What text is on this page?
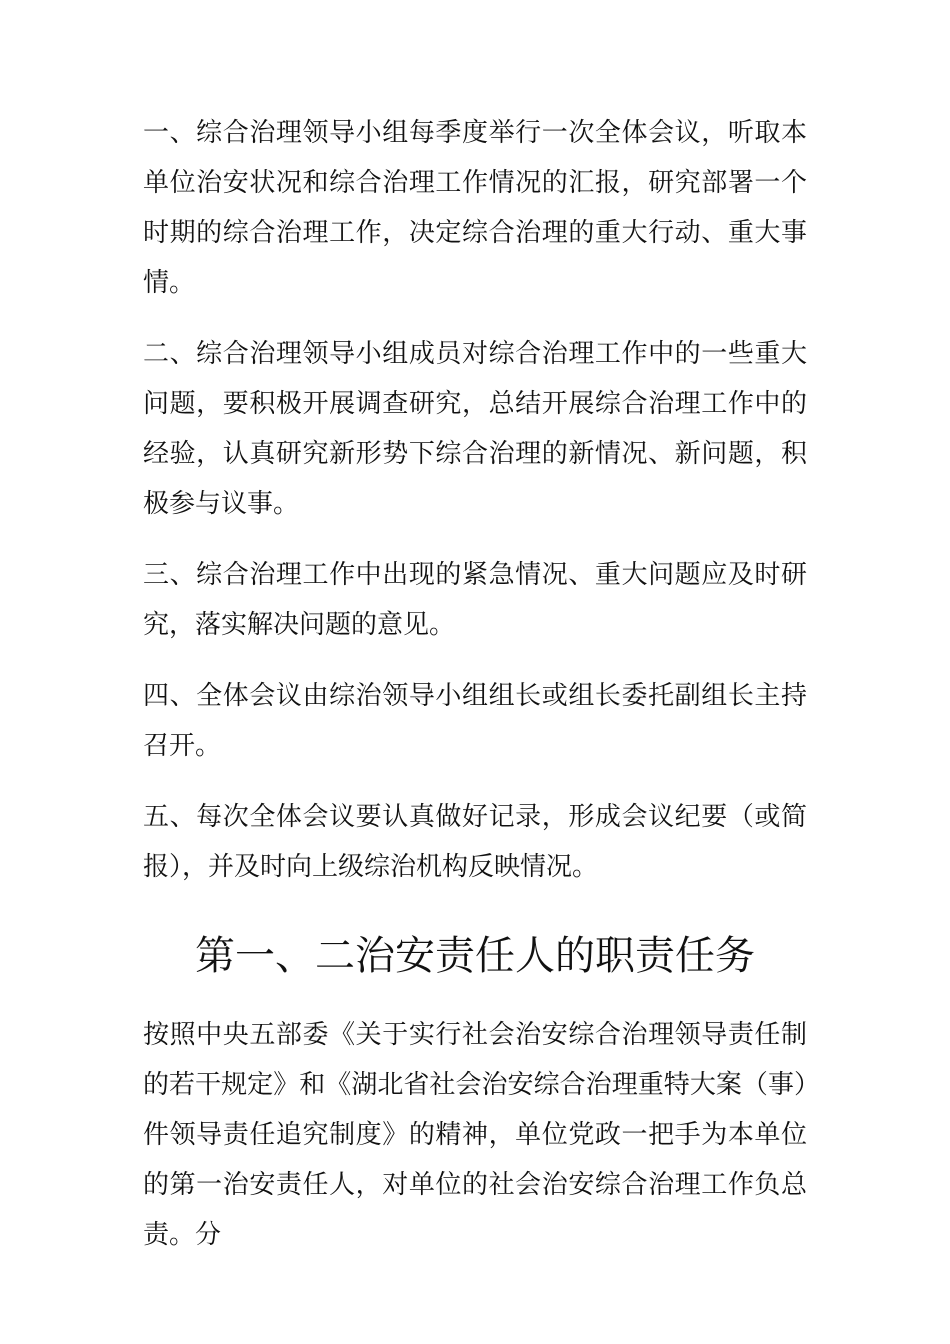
一、综合治理领导小组每季度举行一次全体会议，听取本单位治安状况和综合治理工作情况的汇报，研究部署一个时期的综合治理工作，决定综合治理的重大行动、重大事情。

二、综合治理领导小组成员对综合治理工作中的一些重大问题，要积极开展调查研究，总结开展综合治理工作中的经验，认真研究新形势下综合治理的新情况、新问题，积极参与议事。

三、综合治理工作中出现的紧急情况、重大问题应及时研究，落实解决问题的意见。

四、全体会议由综治领导小组组长或组长委托副组长主持召开。

五、每次全体会议要认真做好记录，形成会议纪要（或简报），并及时向上级综治机构反映情况。

第一、二治安责任人的职责任务

按照中央五部委《关于实行社会治安综合治理领导责任制的若干规定》和《湖北省社会治安综合治理重特大案（事）件领导责任追究制度》的精神，单位党政一把手为本单位的第一治安责任人，对单位的社会治安综合治理工作负总责。分
